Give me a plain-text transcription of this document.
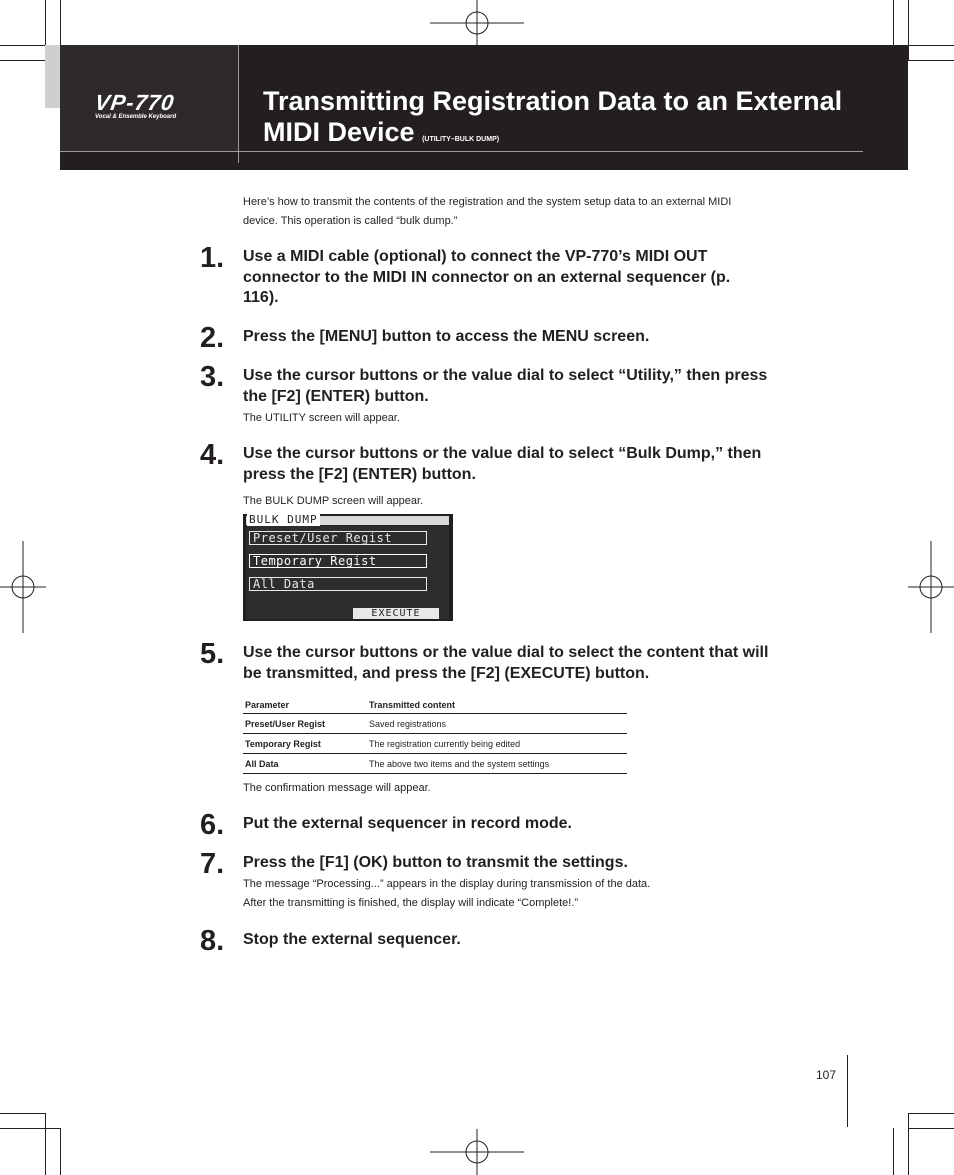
VP-770
Vocal & Ensemble Keyboard
Transmitting Registration Data to an External MIDI Device (UTILITY–BULK DUMP)
Here’s how to transmit the contents of the registration and the system setup data to an external MIDI
device. This operation is called “bulk dump.”
1. Use a MIDI cable (optional) to connect the VP-770’s MIDI OUT
connector to the MIDI IN connector on an external sequencer (p.
116).
2. Press the [MENU] button to access the MENU screen.
3. Use the cursor buttons or the value dial to select “Utility,” then press
the [F2] (ENTER) button.
The UTILITY screen will appear.
4. Use the cursor buttons or the value dial to select “Bulk Dump,” then
press the [F2] (ENTER) button.
The BULK DUMP screen will appear.
BULK DUMP
Preset/User Regist
Temporary Regist
All Data
EXECUTE
5. Use the cursor buttons or the value dial to select the content that will
be transmitted, and press the [F2] (EXECUTE) button.
Parameter	Transmitted content
Preset/User Regist	Saved registrations
Temporary Regist	The registration currently being edited
All Data	The above two items and the system settings
The confirmation message will appear.
6. Put the external sequencer in record mode.
7. Press the [F1] (OK) button to transmit the settings.
The message “Processing...” appears in the display during transmission of the data.
After the transmitting is finished, the display will indicate “Complete!.”
8. Stop the external sequencer.
107
